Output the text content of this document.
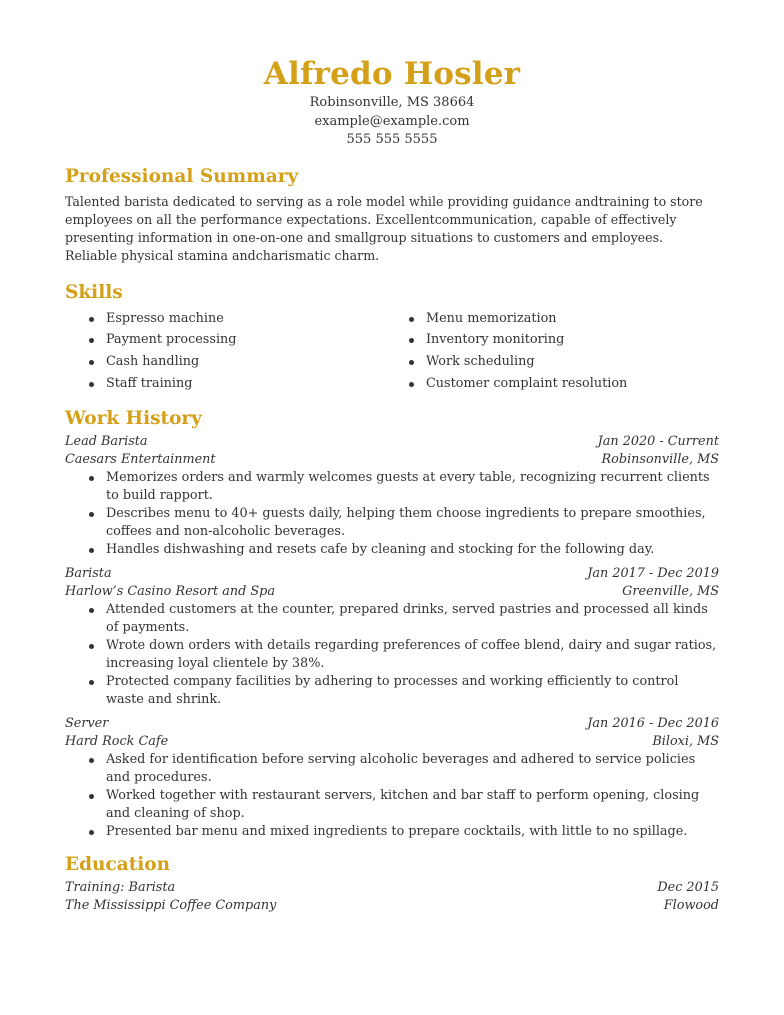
Alfredo Hosler
Robinsonville, MS 38664
example@example.com
555 555 5555
Professional Summary
Talented barista dedicated to serving as a role model while providing guidance andtraining to store employees on all the performance expectations. Excellentcommunication, capable of effectively presenting information in one-on-one and smallgroup situations to customers and employees. Reliable physical stamina andcharismatic charm.
Skills
Espresso machine
Payment processing
Cash handling
Staff training
Menu memorization
Inventory monitoring
Work scheduling
Customer complaint resolution
Work History
Lead Barista	Jan 2020 - Current
Caesars Entertainment	Robinsonville, MS
Memorizes orders and warmly welcomes guests at every table, recognizing recurrent clients to build rapport.
Describes menu to 40+ guests daily, helping them choose ingredients to prepare smoothies, coffees and non-alcoholic beverages.
Handles dishwashing and resets cafe by cleaning and stocking for the following day.
Barista	Jan 2017 - Dec 2019
Harlow’s Casino Resort and Spa	Greenville, MS
Attended customers at the counter, prepared drinks, served pastries and processed all kinds of payments.
Wrote down orders with details regarding preferences of coffee blend, dairy and sugar ratios, increasing loyal clientele by 38%.
Protected company facilities by adhering to processes and working efficiently to control waste and shrink.
Server	Jan 2016 - Dec 2016
Hard Rock Cafe	Biloxi, MS
Asked for identification before serving alcoholic beverages and adhered to service policies and procedures.
Worked together with restaurant servers, kitchen and bar staff to perform opening, closing and cleaning of shop.
Presented bar menu and mixed ingredients to prepare cocktails, with little to no spillage.
Education
Training: Barista	Dec 2015
The Mississippi Coffee Company	Flowood
